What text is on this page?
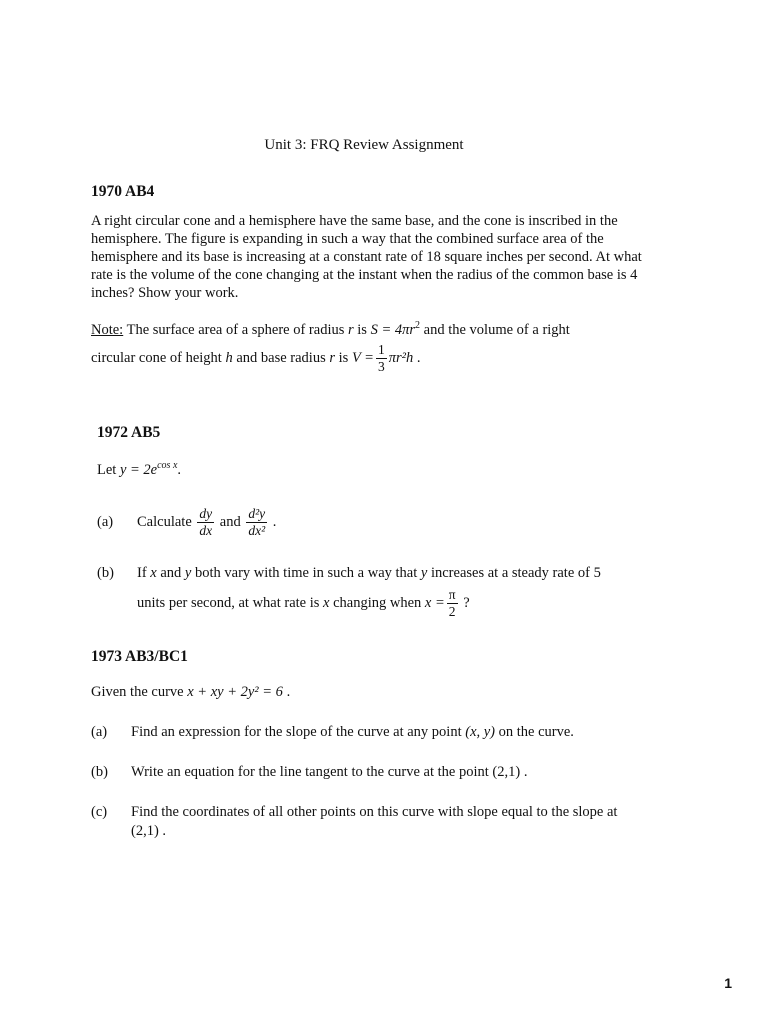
Unit 3: FRQ Review Assignment
1970 AB4
A right circular cone and a hemisphere have the same base, and the cone is inscribed in the hemisphere. The figure is expanding in such a way that the combined surface area of the hemisphere and its base is increasing at a constant rate of 18 square inches per second. At what rate is the volume of the cone changing at the instant when the radius of the common base is 4 inches? Show your work.
Note: The surface area of a sphere of radius r is $S = 4\pi r^2$ and the volume of a right
circular cone of height h and base radius r is $V = \frac{1}{3} \pi r^2h$ .
1972 AB5
Let $y = 2e^{cos x}$.
(a) Calculate $\frac{dy}{dx}$ and $\frac{\text{d²y}}{\text{dx²}}$ .
(b) If x and y both vary with time in such a way that y increases at a steady rate of 5
units per second, at what rate is x changing when $x = \frac{\pi}{2}$ ?
1973 AB3/BC1
Given the curve x + xy + 2y² = 6 .
(a) Find an expression for the slope of the curve at any point (x, y) on the curve.
(b) Write an equation for the line tangent to the curve at the point (2,1) .
(c) Find the coordinates of all other points on this curve with slope equal to the slope at
(2,1) .
1
